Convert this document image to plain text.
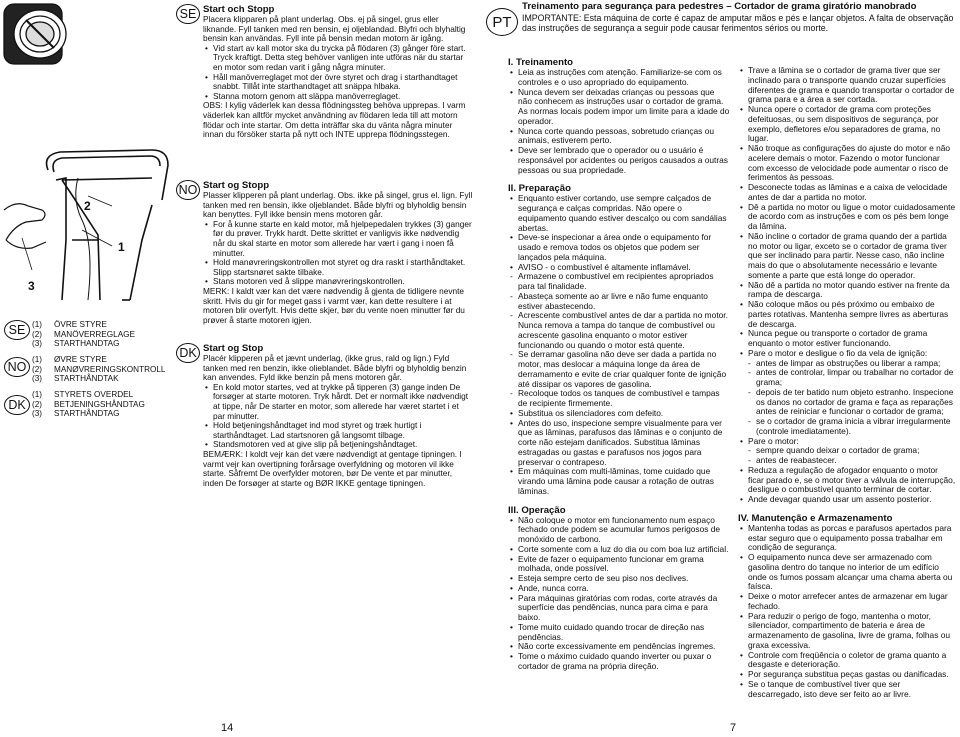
2
1
3
SE (1)	ÖVRE STYRE
(2)	MANÖVERREGLAGE
(3)	STARTHANDTAG
NO
(1)	ØVRE STYRE
(2)	MANØVRERINGSKONTROLL
(3)	STARTHÅNDTAK
DK
(1)	STYRETS OVERDEL
(2)	BETJENINGSHÅNDTAG
(3)	STARTHÅNDTAG
SE Start och Stopp

Placera klipparen på plant underlag. Obs. ej på singel, grus eller liknande. Fyll tanken med ren bensin, ej oljeblandad. Blyfri och blyhaltig bensin kan användas. Fyll inte på bensin medan motorn är igång.

• Vid start av kall motor ska du trycka på flödaren (3) gånger före start. Tryck kraftigt. Detta steg behöver vanligen inte utföras när du startar en motor som redan varit i gång några minuter.
• Håll manöverreglaget mot der övre styret och drag i starthandtaget snabbt. Tillåt inte starthandtaget att snäppa hlbaka.
• Stanna motorn genom att släppa manöverreglaget.

OBS: I kylig väderlek kan dessa flödningssteg behöva upprepas. I varm väderlek kan alltför mycket användning av flödaren leda till att motorn flödar och inte startar. Om detta inträffar ska du vänta några minuter innan du försöker starta på nytt och INTE upprepa flödningsstegen.

NO Start og Stopp

Plasser klipperen på plant underlag. Obs. ikke på singel, grus el. lign. Fyll tanken med ren bensin, ikke oljeblandet. Både blyfri og blyholdig bensin kan benyttes. Fyll ikke bensin mens motoren går.

• For å kunne starte en kald motor, må hjelpepedalen trykkes (3) ganger før du prøver. Trykk hardt. Dette skrittet er vanligvis ikke nødvendig når du skal starte en motor som allerede har vært i gang i noen få minutter.
• Hold manøvreringskontrollen mot styret og dra raskt i starthåndtaket. Slipp startsnøret sakte tilbake.
• Stans motoren ved å slippe manøvreringskontrollen.

MERK: I kaldt vær kan det være nødvendig å gjenta de tidligere nevnte skritt. Hvis du gir for meget gass i varmt vær, kan dette resultere i at motoren blir overfylt. Hvis dette skjer, bør du vente noen minutter før du prøver å starte motoren igjen.

DK Start og Stop

Placér klipperen på et jævnt underlag, (ikke grus, rald og lign.) Fyld tanken med ren benzin, ikke olieblandet. Både blyfri og blyholdig benzin kan anvendes. Fyld ikke benzin på mens motoren går.

• En kold motor startes, ved at trykke på tipperen (3) gange inden De forsøger at starte motoren. Tryk hårdt. Det er normalt ikke nødvendigt at tippe, når De starter en motor, som allerede har været startet i et par minutter.
• Hold betjeningshåndtaget ind mod styret og træk hurtigt i starthåndtaget. Lad startsnoren gå langsomt tilbage.
• Standsmotoren ved at give slip på betjeningshåndtaget.

BEMÆRK: I koldt vejr kan det være nødvendigt at gentage tipningen. I varmt vejr kan overtipning forårsage overfyldning og motoren vil ikke starte. Såfremt De overfylder motoren, bør De vente et par minutter, inden De forsøger at starte og BØR IKKE gentage tipningen.

14
PT
Treinamento para segurança para pedestres – Cortador de grama giratório manobrado
IMPORTANTE: Esta máquina de corte é capaz de amputar mãos e pés e lançar objetos. A falta de observação das instruções de segurança a seguir pode causar ferimentos sérios ou morte.
I. Treinamento
• Leia as instruções com atenção. Familiarize-se com os controles e o uso apropriado do equipamento.
• Nunca devem ser deixadas crianças ou pessoas que não conhecem as instruções usar o cortador de grama. As normas locais podem impor um limite para a idade do operador.
• Nunca corte quando pessoas, sobretudo crianças ou animais, estiverem perto.
• Deve ser lembrado que o operador ou o usuário é responsável por acidentes ou perigos causados a outras pessoas ou sua propriedade.
II. Preparação
• Enquanto estiver cortando, use sempre calçados de segurança e calças compridas. Não opere o equipamento quando estiver descalço ou com sandálias abertas.
• Deve-se inspecionar a área onde o equipamento for usado e remova todos os objetos que podem ser lançados pela máquina.
• AVISO - o combustível é altamente inflamável.
- Armazene o combustível em recipientes apropriados para tal finalidade.
- Abasteça somente ao ar livre e não fume enquanto estiver abastecendo.
- Acrescente combustível antes de dar a partida no motor. Nunca remova a tampa do tanque de combustível ou acrescente gasolina enquanto o motor estiver funcionando ou quando o motor está quente.
- Se derramar gasolina não deve ser dada a partida no motor, mas deslocar a máquina longe da área de derramamento e evite de criar qualquer fonte de ignição até dissipar os vapores de gasolina.
- Recoloque todos os tanques de combustível e tampas de recipiente firmemente.
• Substitua os silenciadores com defeito.
• Antes do uso, inspecione sempre visualmente para ver que as lâminas, parafusos das lâminas e o conjunto de corte não estejam danificados. Substitua lâminas estragadas ou gastas e parafusos nos jogos para preservar o contrapeso.
• Em máquinas com multi-lâminas, tome cuidado que virando uma lâmina pode causar a rotação de outras lâminas.
III. Operação
• Não coloque o motor em funcionamento num espaço fechado onde podem se acumular fumos perigosos de monóxido de carbono.
• Corte somente com a luz do dia ou com boa luz artificial.
• Evite de fazer o equipamento funcionar em grama molhada, onde possível.
• Esteja sempre certo de seu piso nos declives.
• Ande, nunca corra.
• Para máquinas giratórias com rodas, corte através da superfície das pendências, nunca para cima e para baixo.
• Tome muito cuidado quando trocar de direção nas pendências.
• Não corte excessivamente em pendências íngremes.
• Tome o máximo cuidado quando inverter ou puxar o cortador de grama na própria direção.
• Trave a lâmina se o cortador de grama tiver que ser inclinado para o transporte quando cruzar superfícies diferentes de grama e quando transportar o cortador de grama para e a área a ser cortada.
• Nunca opere o cortador de grama com proteções defeituosas, ou sem dispositivos de segurança, por exemplo, defletores e/ou separadores de grama, no lugar.
• Não troque as configurações do ajuste do motor e não acelere demais o motor. Fazendo o motor funcionar com excesso de velocidade pode aumentar o risco de ferimentos às pessoas.
• Desconecte todas as lâminas e a caixa de velocidade antes de dar a partida no motor.
• Dê a partida no motor ou ligue o motor cuidadosamente de acordo com as instruções e com os pés bem longe da lâmina.
• Não incline o cortador de grama quando der a partida no motor ou ligar, exceto se o cortador de grama tiver que ser inclinado para partir. Nesse caso, não incline mais do que o absolutamente necessário e levante somente a parte que está longe do operador.
• Não dê a partida no motor quando estiver na frente da rampa de descarga.
• Não coloque mãos ou pés próximo ou embaixo de partes rotativas. Mantenha sempre livres as aberturas de descarga.
• Nunca pegue ou transporte o cortador de grama enquanto o motor estiver funcionando.
• Pare o motor e desligue o fio da vela de ignição:
- antes de limpar as obstruções ou liberar a rampa;
- antes de controlar, limpar ou trabalhar no cortador de grama;
- depois de ter batido num objeto estranho. Inspecione os danos no cortador de grama e faça as reparações antes de reiniciar e funcionar o cortador de grama;
- se o cortador de grama inicia a vibrar irregularmente (controle imediatamente).
• Pare o motor:
- sempre quando deixar o cortador de grama;
- antes de reabastecer.
• Reduza a regulação de afogador enquanto o motor ficar parado e, se o motor tiver a válvula de interrupção, desligue o combustível quanto terminar de cortar.
• Ande devagar quando usar um assento posterior.
IV. Manutenção e Armazenamento
• Mantenha todas as porcas e parafusos apertados para estar seguro que o equipamento possa trabalhar em condição de segurança.
• O equipamento nunca deve ser armazenado com gasolina dentro do tanque no interior de um edifício onde os fumos possam alcançar uma chama aberta ou faísca.
• Deixe o motor arrefecer antes de armazenar em lugar fechado.
• Para reduzir o perigo de fogo, mantenha o motor, silenciador, compartimento de bateria e área de armazenamento de gasolina, livre de grama, folhas ou graxa excessiva.
• Controle com freqüência o coletor de grama quanto a desgaste e deterioração.
• Por segurança substitua peças gastas ou danificadas.
• Se o tanque de combustível tiver que ser descarregado, isto deve ser feito ao ar livre.
7
